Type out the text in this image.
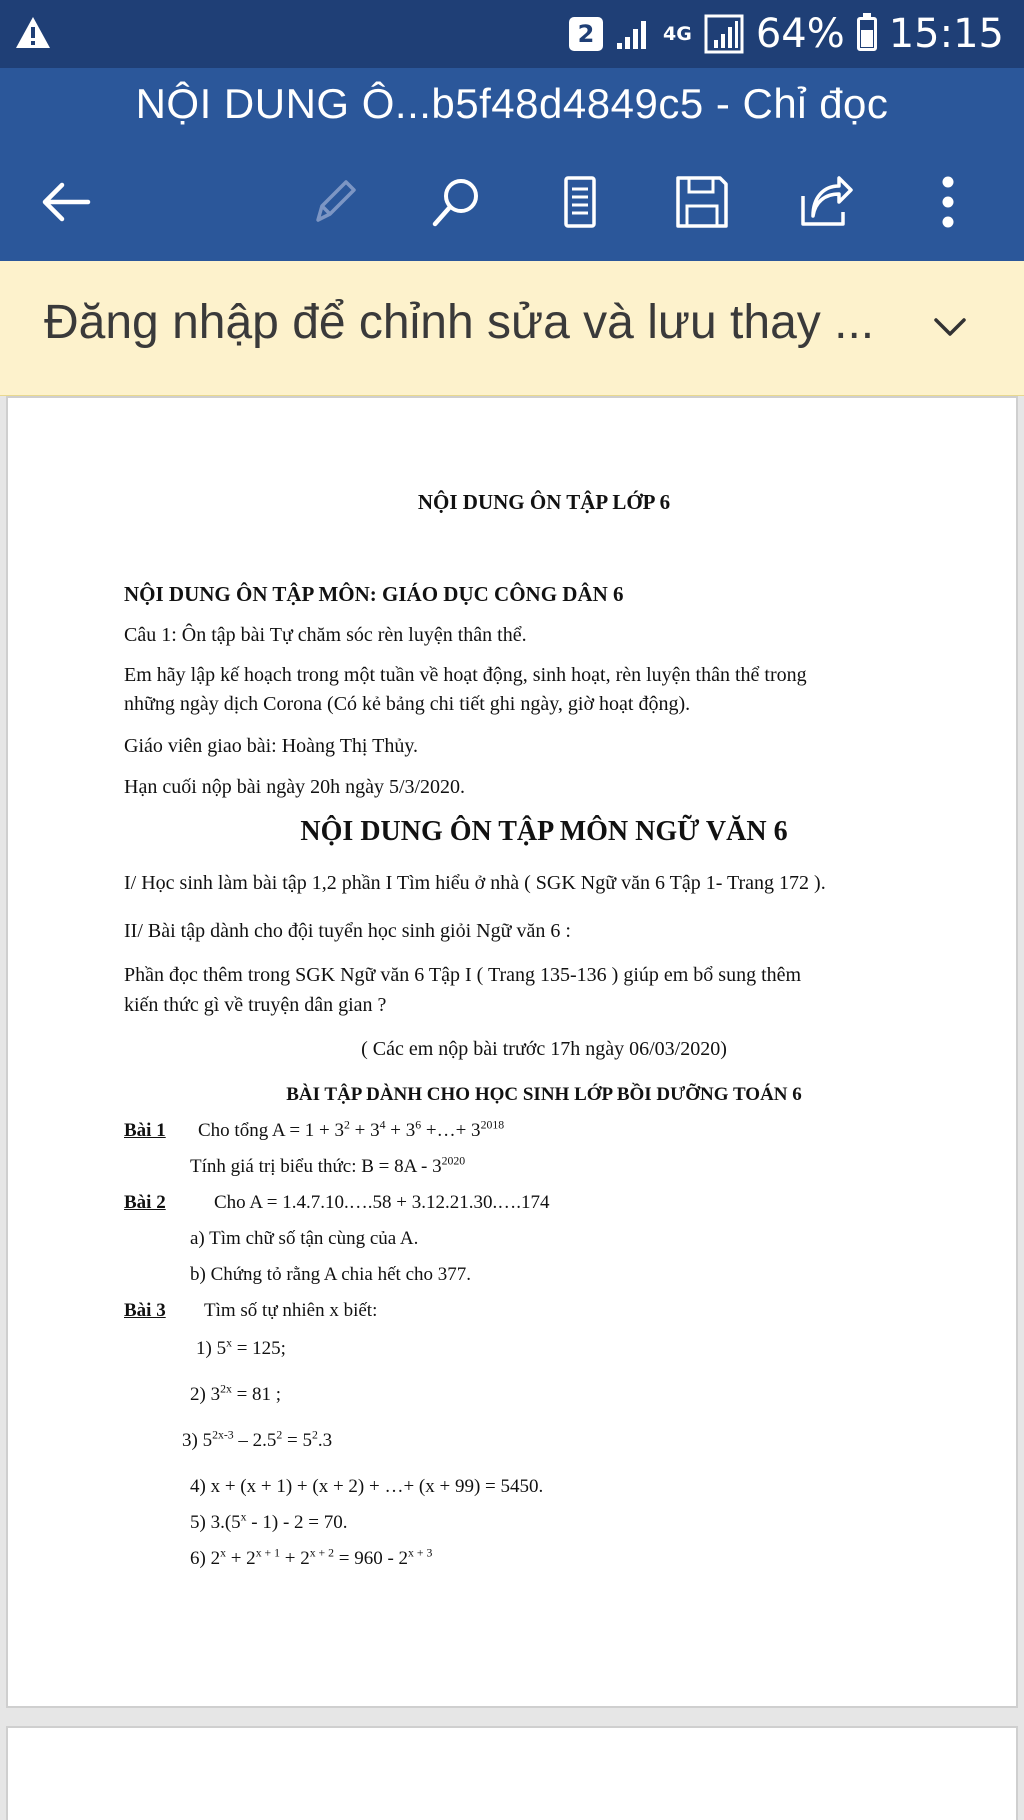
2	4G 64% 15:15
NỘI DUNG Ô...b5f48d4849c5 - Chỉ đọc
Đăng nhập để chỉnh sửa và lưu thay ...
NỘI DUNG ÔN TẬP LỚP 6
NỘI DUNG ÔN TẬP MÔN: GIÁO DỤC CÔNG DÂN 6
Câu 1: Ôn tập bài Tự chăm sóc rèn luyện thân thể.
Em hãy lập kế hoạch trong một tuần về hoạt động, sinh hoạt, rèn luyện thân thể trong
những ngày dịch Corona (Có kẻ bảng chi tiết ghi ngày, giờ hoạt động).
Giáo viên giao bài: Hoàng Thị Thủy.
Hạn cuối nộp bài ngày 20h ngày 5/3/2020.
NỘI DUNG ÔN TẬP MÔN NGỮ VĂN 6
I/ Học sinh làm bài tập 1,2 phần I Tìm hiểu ở nhà ( SGK Ngữ văn 6 Tập 1- Trang 172 ).
II/ Bài tập dành cho đội tuyển học sinh giỏi Ngữ văn 6 :
Phần đọc thêm trong SGK Ngữ văn 6 Tập I ( Trang 135-136 ) giúp em bổ sung thêm
kiến thức gì về truyện dân gian ?
( Các em nộp bài trước 17h ngày 06/03/2020)
BÀI TẬP DÀNH CHO HỌC SINH LỚP BỒI DƯỠNG TOÁN 6
Bài 1 Cho tổng $A = 1 + 3^2 + 3^4 + 3^6$ +…+ $3^{2018}$
Tính giá trị biểu thức: $B = 8A - 3^{2020}$
Bài 2	Cho A = 1.4.7.10.….58 + 3.12.21.30.….174
a) Tìm chữ số tận cùng của A.
b) Chứng tỏ rằng A chia hết cho 377.
Bài 3 Tìm số tự nhiên x biết:
1) $5^x = 125$;
2) $3^{2x} = 81$ ;
3) $5^{2x-3} - 2.5^2 = 5^2.3$
4) x + (x + 1) + (x + 2) + …+ (x + 99) = 5450.
5) 3.(5$^x$ - 1) - 2 = 70.
6) $2^x + 2^{x + 1} + 2^{x + 2} = 960 - 2^{x + 3}$
